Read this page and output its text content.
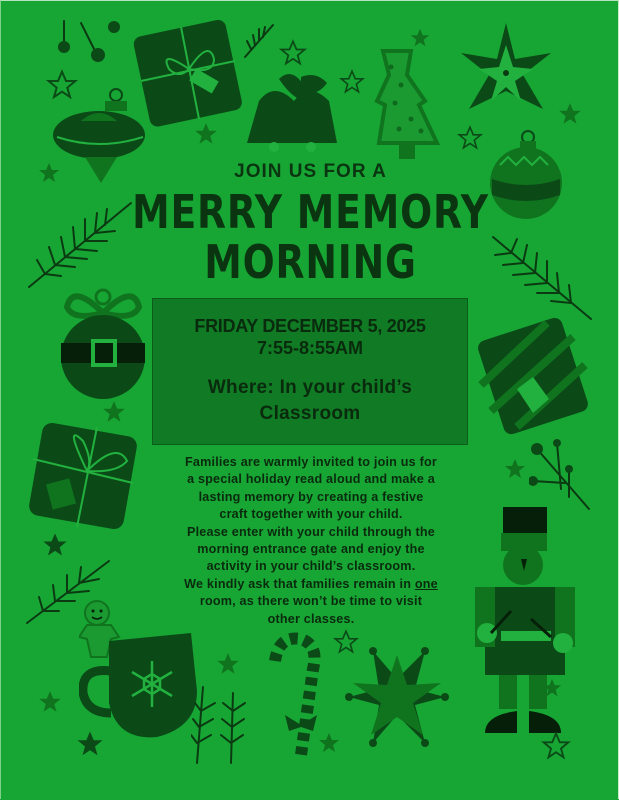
JOIN US FOR A
MERRY MEMORY
MORNING
FRIDAY DECEMBER 5, 2025
7:55-8:55AM
Where: In your child’s
Classroom
Families are warmly invited to join us for
a special holiday read aloud and make a
lasting memory by creating a festive
craft together with your child.
Please enter with your child through the
morning entrance gate and enjoy the
activity in your child’s classroom.
We kindly ask that families remain in one
room, as there won’t be time to visit
other classes.
